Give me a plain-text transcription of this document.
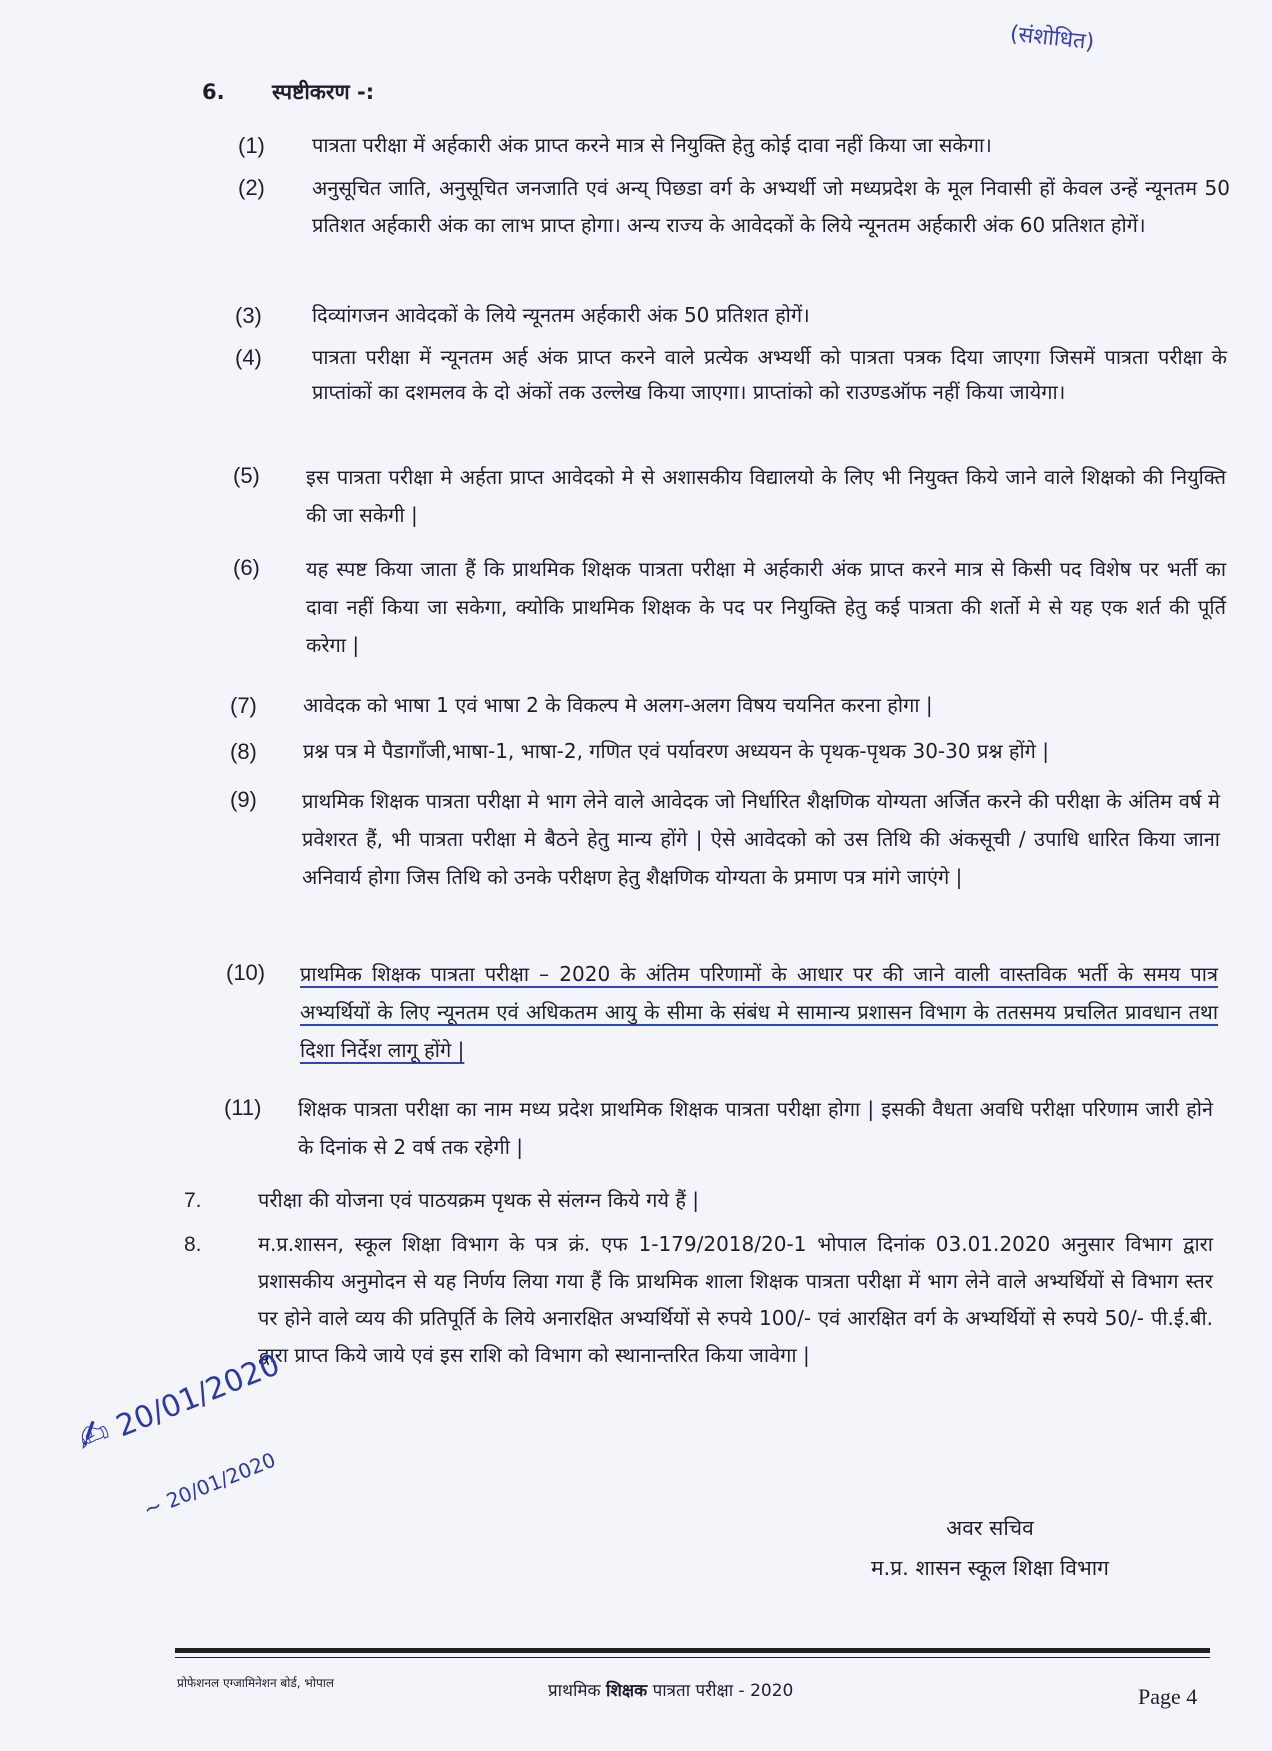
(संशोधित)
6. स्पष्टीकरण -:
(1) पात्रता परीक्षा में अर्हकारी अंक प्राप्त करने मात्र से नियुक्ति हेतु कोई दावा नहीं किया जा सकेगा।
(2) अनुसूचित जाति, अनुसूचित जनजाति एवं अन्य् पिछडा वर्ग के अभ्यर्थी जो मध्यप्रदेश के मूल निवासी हों केवल उन्हें न्यूनतम 50 प्रतिशत अर्हकारी अंक का लाभ प्राप्त होगा। अन्य राज्य के आवेदकों के लिये न्यूनतम अर्हकारी अंक 60 प्रतिशत होगें।
(3)	दिव्यांगजन आवेदकों के लिये न्यूनतम अर्हकारी अंक 50 प्रतिशत होगें।
(4)	पात्रता परीक्षा में न्यूनतम अर्ह अंक प्राप्त करने वाले प्रत्येक अभ्यर्थी को पात्रता पत्रक दिया जाएगा जिसमें पात्रता परीक्षा के प्राप्तांकों का दशमलव के दो अंकों तक उल्लेख किया जाएगा। प्राप्तांको को राउण्डऑफ नहीं किया जायेगा।
(5) इस पात्रता परीक्षा मे अर्हता प्राप्त आवेदको मे से अशासकीय विद्यालयो के लिए भी नियुक्त किये जाने वाले शिक्षको की नियुक्ति की जा सकेगी |
(6) यह स्पष्ट किया जाता हैं कि प्राथमिक शिक्षक पात्रता परीक्षा मे अर्हकारी अंक प्राप्त करने मात्र से किसी पद विशेष पर भर्ती का दावा नहीं किया जा सकेगा, क्योकि प्राथमिक शिक्षक के पद पर नियुक्ति हेतु कई पात्रता की शर्तो मे से यह एक शर्त की पूर्ति करेगा |
(7) आवेदक को भाषा 1 एवं भाषा 2 के विकल्प मे अलग-अलग विषय चयनित करना होगा |
(8) प्रश्न पत्र मे पैडागाँजी,भाषा-1, भाषा-2, गणित एवं पर्यावरण अध्ययन के पृथक-पृथक 30-30 प्रश्न होंगे |
(9) प्राथमिक शिक्षक पात्रता परीक्षा मे भाग लेने वाले आवेदक जो निर्धारित शैक्षणिक योग्यता अर्जित करने की परीक्षा के अंतिम वर्ष मे प्रवेशरत हैं, भी पात्रता परीक्षा मे बैठने हेतु मान्य होंगे | ऐसे आवेदको को उस तिथि की अंकसूची / उपाधि धारित किया जाना अनिवार्य होगा जिस तिथि को उनके परीक्षण हेतु शैक्षणिक योग्यता के प्रमाण पत्र मांगे जाएंगे |
(10) प्राथमिक शिक्षक पात्रता परीक्षा – 2020 के अंतिम परिणामों के आधार पर की जाने वाली वास्तविक भर्ती के समय पात्र अभ्यर्थियों के लिए न्यूनतम एवं अधिकतम आयु के सीमा के संबंध मे सामान्य प्रशासन विभाग के ततसमय प्रचलित प्रावधान तथा दिशा निर्देश लागू होंगे |
(11) शिक्षक पात्रता परीक्षा का नाम मध्य प्रदेश प्राथमिक शिक्षक पात्रता परीक्षा होगा | इसकी वैधता अवधि परीक्षा परिणाम जारी होने के दिनांक से 2 वर्ष तक रहेगी |
7.	परीक्षा की योजना एवं पाठयक्रम पृथक से संलग्न किये गये हैं |
8.	म.प्र.शासन, स्कूल शिक्षा विभाग के पत्र क्रं. एफ 1-179/2018/20-1 भोपाल दिनांक 03.01.2020 अनुसार विभाग द्वारा प्रशासकीय अनुमोदन से यह निर्णय लिया गया हैं कि प्राथमिक शाला शिक्षक पात्रता परीक्षा में भाग लेने वाले अभ्यर्थियों से विभाग स्तर पर होने वाले व्यय की प्रतिपूर्ति के लिये अनारक्षित अभ्यर्थियों से रुपये 100/- एवं आरक्षित वर्ग के अभ्यर्थियों से रुपये 50/- पी.ई.बी. द्वारा प्राप्त किये जाये एवं इस राशि को विभाग को स्थानान्तरित किया जावेगा |
✍ 20/01/2020
~ 20/01/2020
अवर सचिव
म.प्र. शासन स्कूल शिक्षा विभाग
प्रोफेशनल एग्जामिनेशन बोर्ड, भोपाल	प्राथमिक शिक्षक पात्रता परीक्षा - 2020	Page 4
